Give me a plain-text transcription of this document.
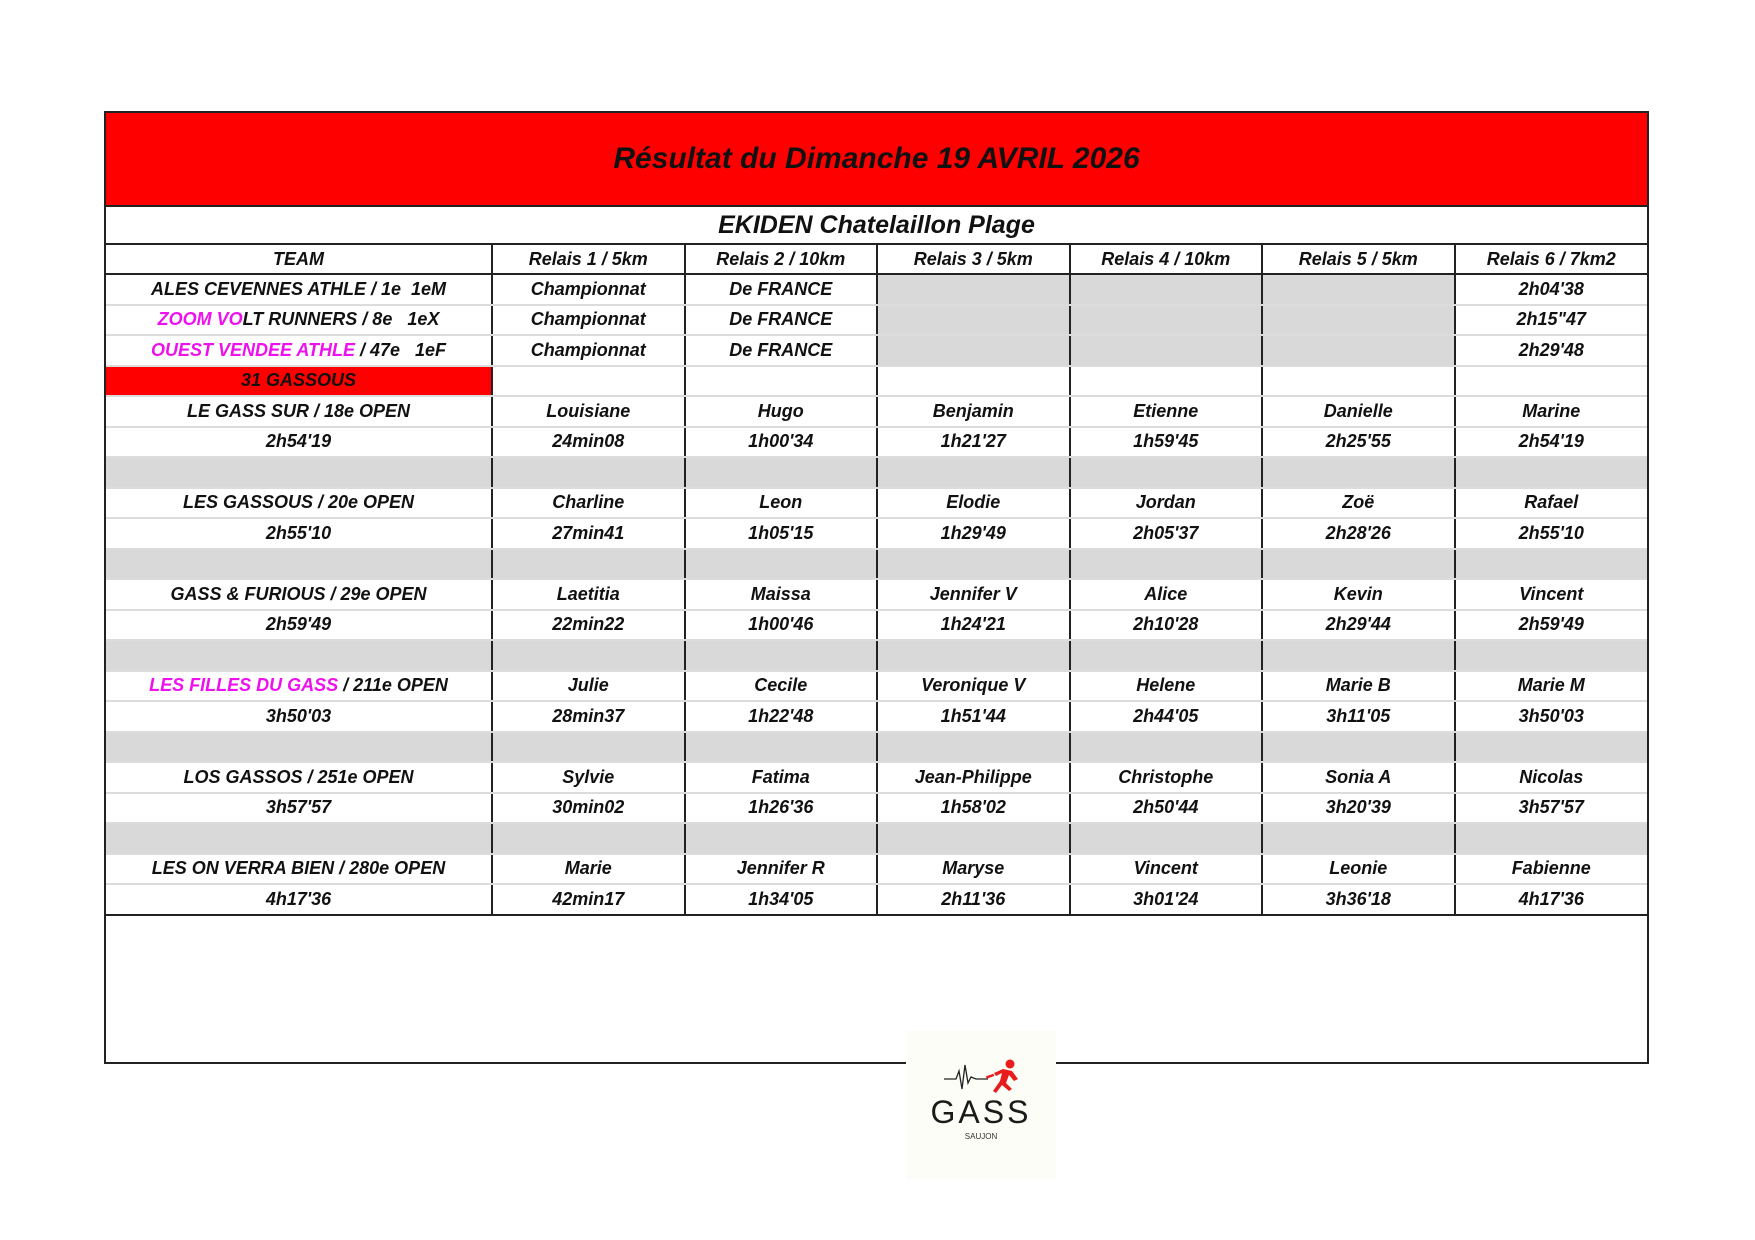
Résultat du Dimanche 19 AVRIL 2026
EKIDEN Chatelaillon Plage
TEAM	Relais 1 / 5km	Relais 2 / 10km	Relais 3 / 5km	Relais 4 / 10km	Relais 5 / 5km	Relais 6 / 7km2
ALES CEVENNES ATHLE / 1e  1eM	Championnat	De FRANCE				2h04'38
ZOOM VOLT RUNNERS / 8e   1eX	Championnat	De FRANCE				2h15"47
OUEST VENDEE ATHLE / 47e   1eF	Championnat	De FRANCE				2h29'48
31 GASSOUS						
LE GASS SUR / 18e OPEN	Louisiane	Hugo	Benjamin	Etienne	Danielle	Marine
2h54'19	24min08	1h00'34	1h21'27	1h59'45	2h25'55	2h54'19

LES GASSOUS / 20e OPEN	Charline	Leon	Elodie	Jordan	Zoë	Rafael
2h55'10	27min41	1h05'15	1h29'49	2h05'37	2h28'26	2h55'10

GASS & FURIOUS / 29e OPEN	Laetitia	Maissa	Jennifer V	Alice	Kevin	Vincent
2h59'49	22min22	1h00'46	1h24'21	2h10'28	2h29'44	2h59'49

LES FILLES DU GASS / 211e OPEN	Julie	Cecile	Veronique V	Helene	Marie B	Marie M
3h50'03	28min37	1h22'48	1h51'44	2h44'05	3h11'05	3h50'03

LOS GASSOS / 251e OPEN	Sylvie	Fatima	Jean-Philippe	Christophe	Sonia A	Nicolas
3h57'57	30min02	1h26'36	1h58'02	2h50'44	3h20'39	3h57'57

LES ON VERRA BIEN / 280e OPEN	Marie	Jennifer R	Maryse	Vincent	Leonie	Fabienne
4h17'36	42min17	1h34'05	2h11'36	3h01'24	3h36'18	4h17'36
GASS
SAUJON
